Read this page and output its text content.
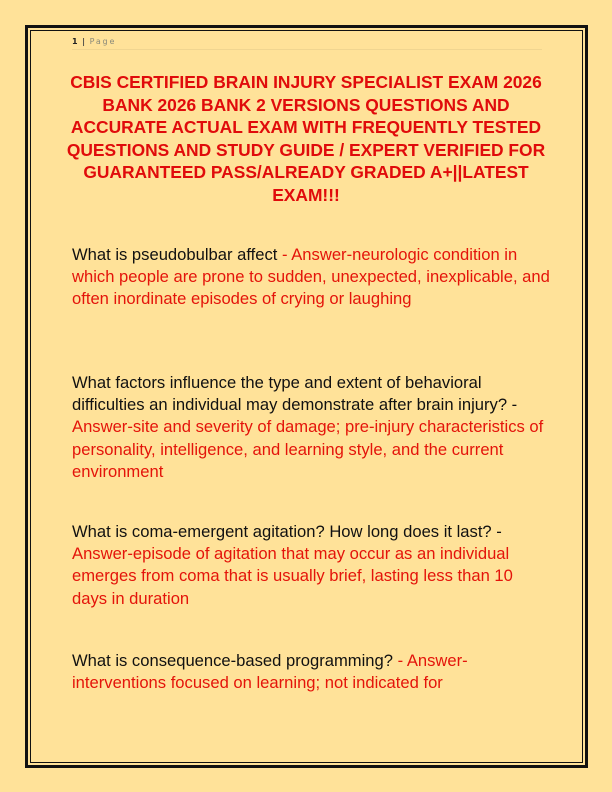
1 | Page
CBIS CERTIFIED BRAIN INJURY SPECIALIST EXAM 2026 BANK 2026 BANK 2 VERSIONS QUESTIONS AND ACCURATE ACTUAL EXAM WITH FREQUENTLY TESTED QUESTIONS AND STUDY GUIDE / EXPERT VERIFIED FOR GUARANTEED PASS/ALREADY GRADED A+||LATEST EXAM!!!

What is pseudobulbar affect - Answer-neurologic condition in which people are prone to sudden, unexpected, inexplicable, and often inordinate episodes of crying or laughing

What factors influence the type and extent of behavioral difficulties an individual may demonstrate after brain injury? - Answer-site and severity of damage; pre-injury characteristics of personality, intelligence, and learning style, and the current environment

What is coma-emergent agitation? How long does it last? - Answer-episode of agitation that may occur as an individual emerges from coma that is usually brief, lasting less than 10 days in duration

What is consequence-based programming? - Answer-interventions focused on learning; not indicated for
